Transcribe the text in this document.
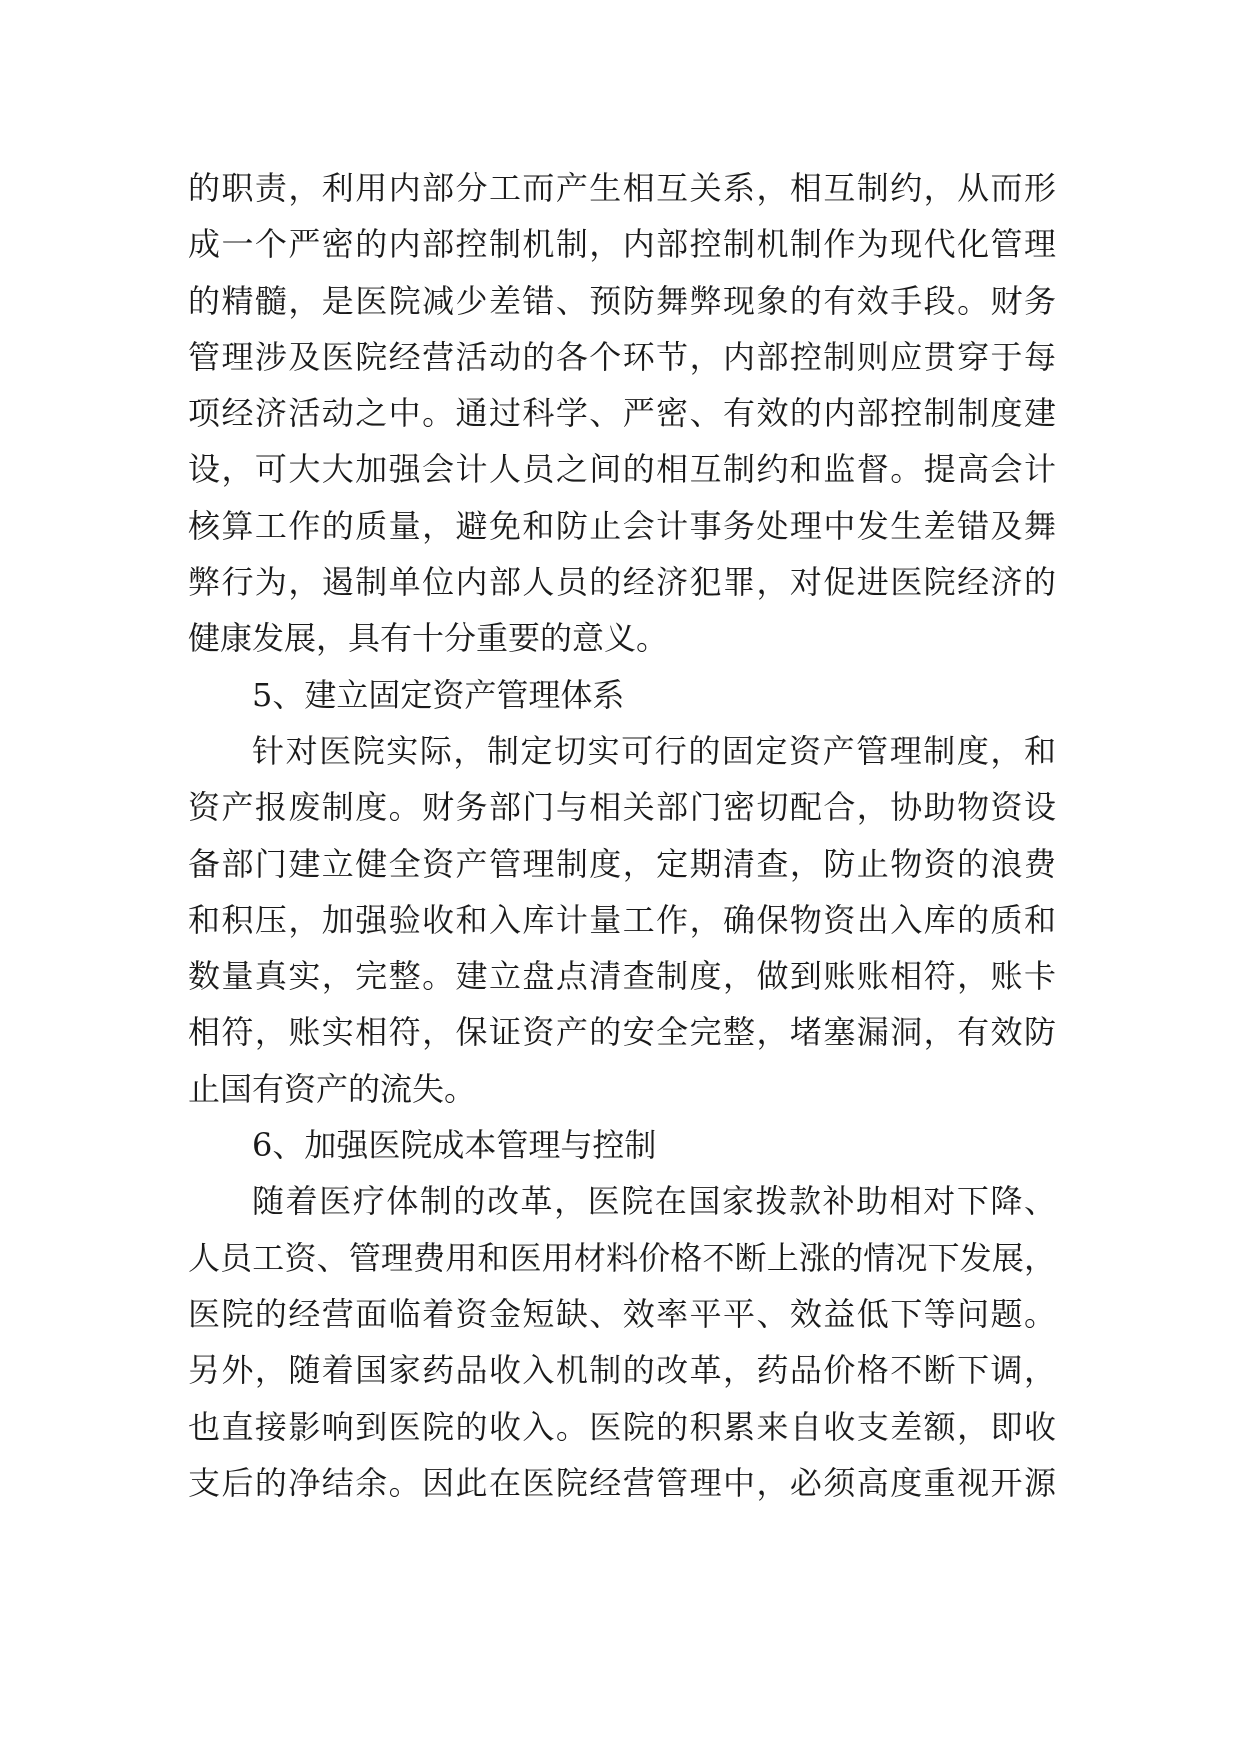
的职责，利用内部分工而产生相互关系，相互制约，从而形
成一个严密的内部控制机制，内部控制机制作为现代化管理
的精髓，是医院减少差错、预防舞弊现象的有效手段。财务
管理涉及医院经营活动的各个环节，内部控制则应贯穿于每
项经济活动之中。通过科学、严密、有效的内部控制制度建
设，可大大加强会计人员之间的相互制约和监督。提高会计
核算工作的质量，避免和防止会计事务处理中发生差错及舞
弊行为，遏制单位内部人员的经济犯罪，对促进医院经济的
健康发展，具有十分重要的意义。
5、建立固定资产管理体系
针对医院实际，制定切实可行的固定资产管理制度，和
资产报废制度。财务部门与相关部门密切配合，协助物资设
备部门建立健全资产管理制度，定期清查，防止物资的浪费
和积压，加强验收和入库计量工作，确保物资出入库的质和
数量真实，完整。建立盘点清查制度，做到账账相符，账卡
相符，账实相符，保证资产的安全完整，堵塞漏洞，有效防
止国有资产的流失。
6、加强医院成本管理与控制
随着医疗体制的改革，医院在国家拨款补助相对下降、
人员工资、管理费用和医用材料价格不断上涨的情况下发展，
医院的经营面临着资金短缺、效率平平、效益低下等问题。
另外，随着国家药品收入机制的改革，药品价格不断下调，
也直接影响到医院的收入。医院的积累来自收支差额，即收
支后的净结余。因此在医院经营管理中，必须高度重视开源
